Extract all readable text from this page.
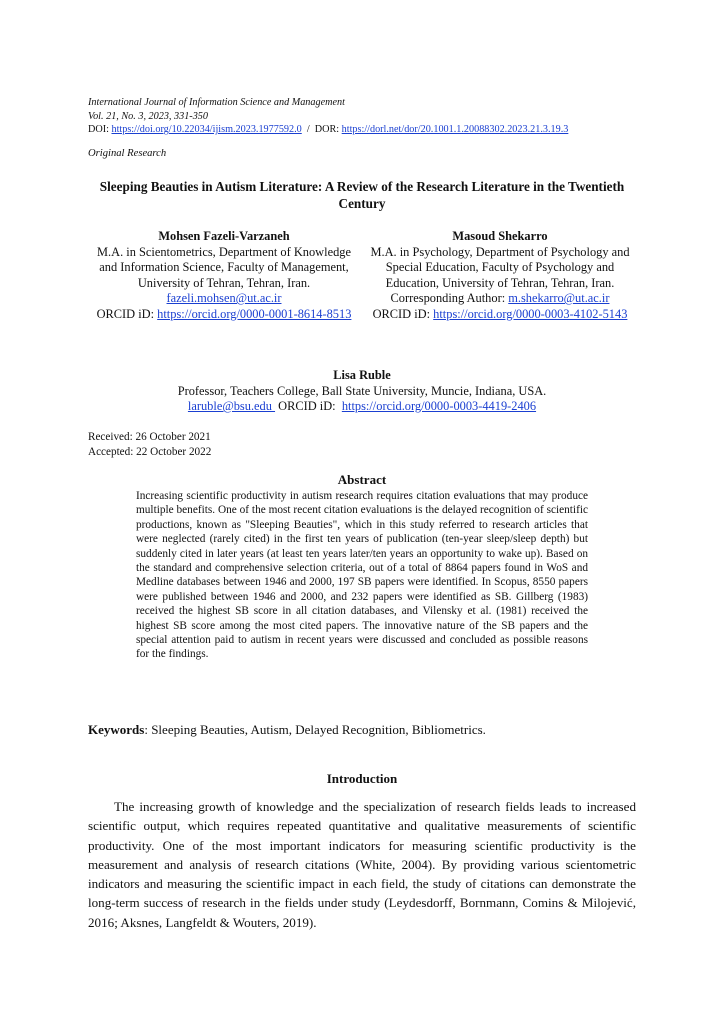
International Journal of Information Science and Management
Vol. 21, No. 3, 2023, 331-350
DOI: https://doi.org/10.22034/ijism.2023.1977592.0  /  DOR: https://dorl.net/dor/20.1001.1.20088302.2023.21.3.19.3
Original Research
Sleeping Beauties in Autism Literature: A Review of the Research Literature in the Twentieth Century
Mohsen Fazeli-Varzaneh
M.A. in Scientometrics, Department of Knowledge and Information Science, Faculty of Management, University of Tehran, Tehran, Iran.
fazeli.mohsen@ut.ac.ir
ORCID iD: https://orcid.org/0000-0001-8614-8513
Masoud Shekarro
M.A. in Psychology, Department of Psychology and Special Education, Faculty of Psychology and Education, University of Tehran, Tehran, Iran.
Corresponding Author: m.shekarro@ut.ac.ir
ORCID iD: https://orcid.org/0000-0003-4102-5143
Lisa Ruble
Professor, Teachers College, Ball State University, Muncie, Indiana, USA.
laruble@bsu.edu  ORCID iD:  https://orcid.org/0000-0003-4419-2406
Received: 26 October 2021
Accepted: 22 October 2022
Abstract
Increasing scientific productivity in autism research requires citation evaluations that may produce multiple benefits. One of the most recent citation evaluations is the delayed recognition of scientific productions, known as "Sleeping Beauties", which in this study referred to research articles that were neglected (rarely cited) in the first ten years of publication (ten-year sleep/sleep depth) but suddenly cited in later years (at least ten years later/ten years an opportunity to wake up). Based on the standard and comprehensive selection criteria, out of a total of 8864 papers found in WoS and Medline databases between 1946 and 2000, 197 SB papers were identified. In Scopus, 8550 papers were published between 1946 and 2000, and 232 papers were identified as SB. Gillberg (1983) received the highest SB score in all citation databases, and Vilensky et al. (1981) received the highest SB score among the most cited papers. The innovative nature of the SB papers and the special attention paid to autism in recent years were discussed and concluded as possible reasons for the findings.
Keywords: Sleeping Beauties, Autism, Delayed Recognition, Bibliometrics.
Introduction
The increasing growth of knowledge and the specialization of research fields leads to increased scientific output, which requires repeated quantitative and qualitative measurements of scientific productivity. One of the most important indicators for measuring scientific productivity is the measurement and analysis of research citations (White, 2004). By providing various scientometric indicators and measuring the scientific impact in each field, the study of citations can demonstrate the long-term success of research in the fields under study (Leydesdorff, Bornmann, Comins & Milojević, 2016; Aksnes, Langfeldt & Wouters, 2019).
